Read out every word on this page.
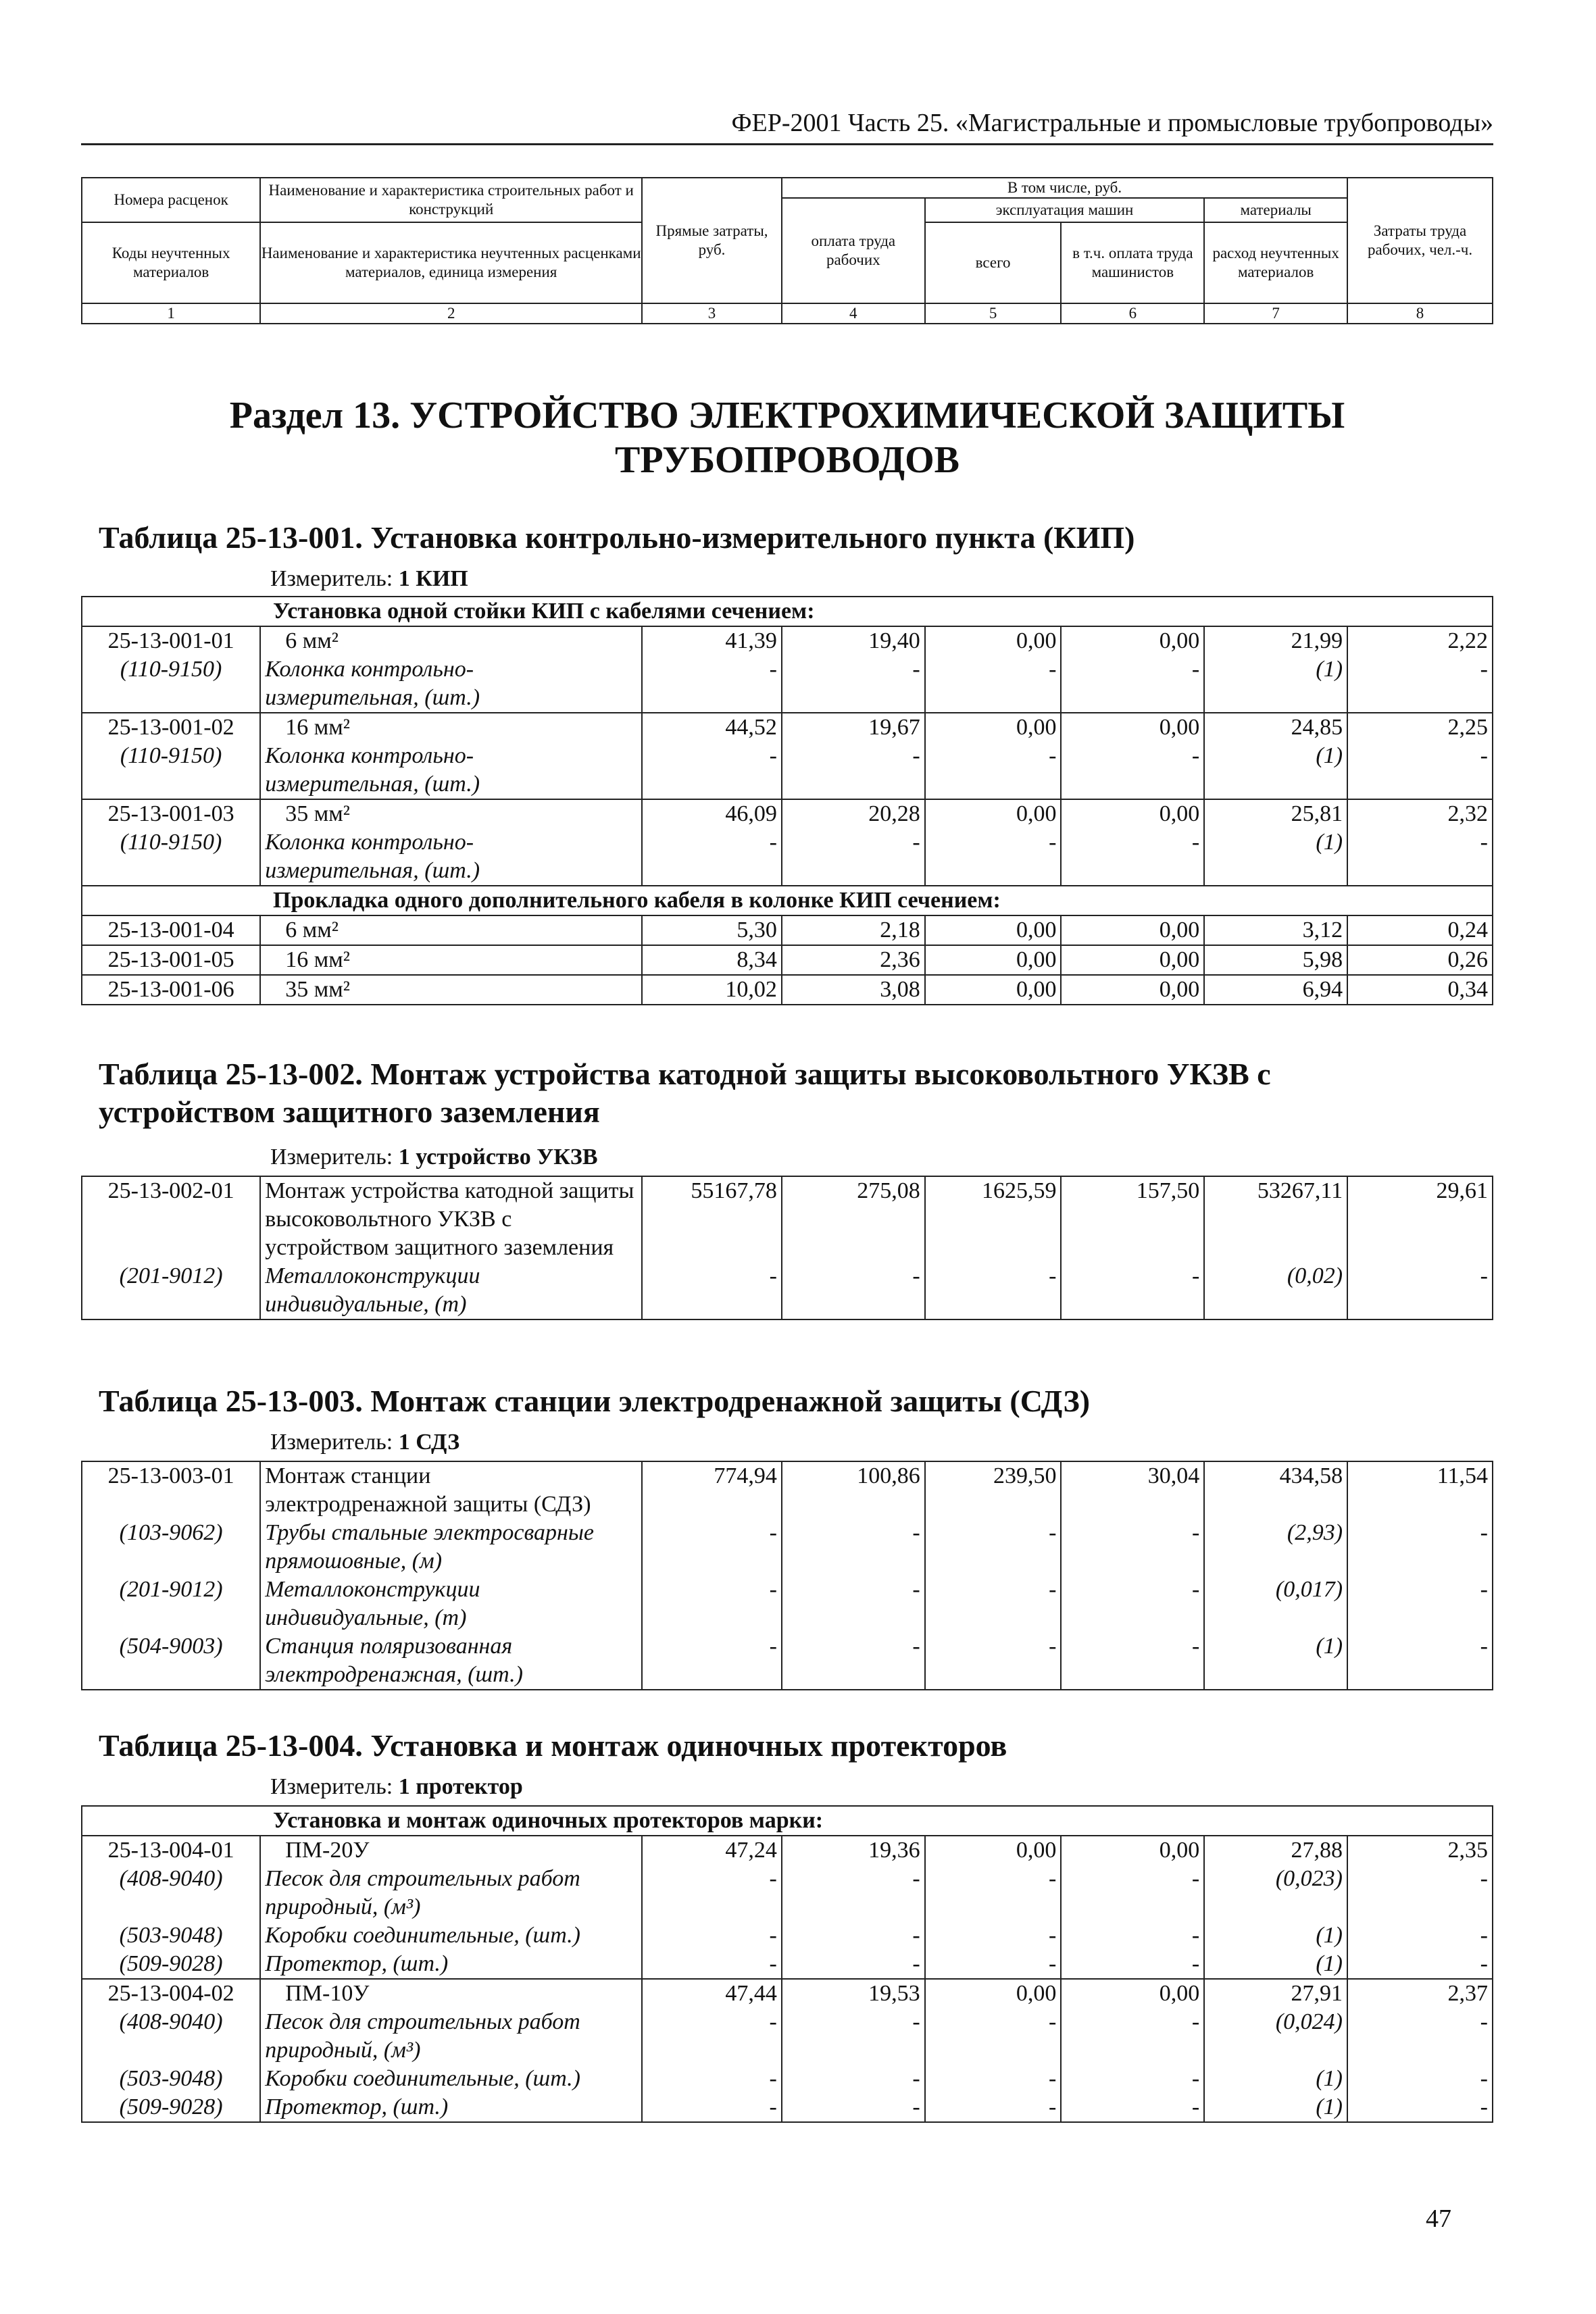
ФЕР-2001 Часть 25. «Магистральные и промысловые трубопроводы»
Номера расценок	Наименование и характеристика строительных работ и конструкций	Прямые затраты, руб.	В том числе, руб.				Затраты труда рабочих, чел.-ч.
			оплата труда рабочих	эксплуатация машин		материалы	
Коды неучтенных материалов	Наименование и характеристика неучтенных расценками материалов, единица измерения			всего	в т.ч. оплата труда машинистов	расход неучтенных материалов	

1	2	3	4	5	6	7	8
Раздел 13. УСТРОЙСТВО ЭЛЕКТРОХИМИЧЕСКОЙ ЗАЩИТЫ ТРУБОПРОВОДОВ
Таблица 25-13-001. Установка контрольно-измерительного пункта (КИП)
Измеритель: 1 КИП
Установка одной стойки КИП с кабелями сечением:							
25-13-001-01	6 мм²	41,39	19,40	0,00	0,00	21,99	2,22
(110-9150)	Колонка контрольно-	-	-	-	-	(1)	-
	измерительная, (шт.)						
25-13-001-02	16 мм²	44,52	19,67	0,00	0,00	24,85	2,25
(110-9150)	Колонка контрольно-	-	-	-	-	(1)	-
	измерительная, (шт.)						
25-13-001-03	35 мм²	46,09	20,28	0,00	0,00	25,81	2,32
(110-9150)	Колонка контрольно-	-	-	-	-	(1)	-
	измерительная, (шт.)						
Прокладка одного дополнительного кабеля в колонке КИП сечением:							
25-13-001-04	6 мм²	5,30	2,18	0,00	0,00	3,12	0,24
25-13-001-05	16 мм²	8,34	2,36	0,00	0,00	5,98	0,26
25-13-001-06	35 мм²	10,02	3,08	0,00	0,00	6,94	0,34
Таблица 25-13-002. Монтаж устройства катодной защиты высоковольтного УКЗВ с устройством защитного заземления
Измеритель: 1 устройство УКЗВ
25-13-002-01	Монтаж устройства катодной защиты высоковольтного УКЗВ с устройством защитного заземления	55167,78	275,08	1625,59	157,50	53267,11	29,61
(201-9012)	Металлоконструкции	-	-	-	-	(0,02)	-
	индивидуальные, (т)						
Таблица 25-13-003. Монтаж станции электродренажной защиты (СДЗ)
Измеритель: 1 СДЗ
25-13-003-01	Монтаж станции	774,94	100,86	239,50	30,04	434,58	11,54
	электродренажной защиты (СДЗ)						
(103-9062)	Трубы стальные электросварные	-	-	-	-	(2,93)	-
	прямошовные, (м)						
(201-9012)	Металлоконструкции	-	-	-	-	(0,017)	-
	индивидуальные, (т)						
(504-9003)	Станция поляризованная	-	-	-	-	(1)	-
	электродренажная, (шт.)						
Таблица 25-13-004. Установка и монтаж одиночных протекторов
Измеритель: 1 протектор
Установка и монтаж одиночных протекторов марки:							
25-13-004-01	ПМ-20У	47,24	19,36	0,00	0,00	27,88	2,35
(408-9040)	Песок для строительных работ	-	-	-	-	(0,023)	-
	природный, (м³)						
(503-9048)	Коробки соединительные, (шт.)	-	-	-	-	(1)	-
(509-9028)	Протектор, (шт.)	-	-	-	-	(1)	-
25-13-004-02	ПМ-10У	47,44	19,53	0,00	0,00	27,91	2,37
(408-9040)	Песок для строительных работ	-	-	-	-	(0,024)	-
	природный, (м³)						
(503-9048)	Коробки соединительные, (шт.)	-	-	-	-	(1)	-
(509-9028)	Протектор, (шт.)	-	-	-	-	(1)	-
47
